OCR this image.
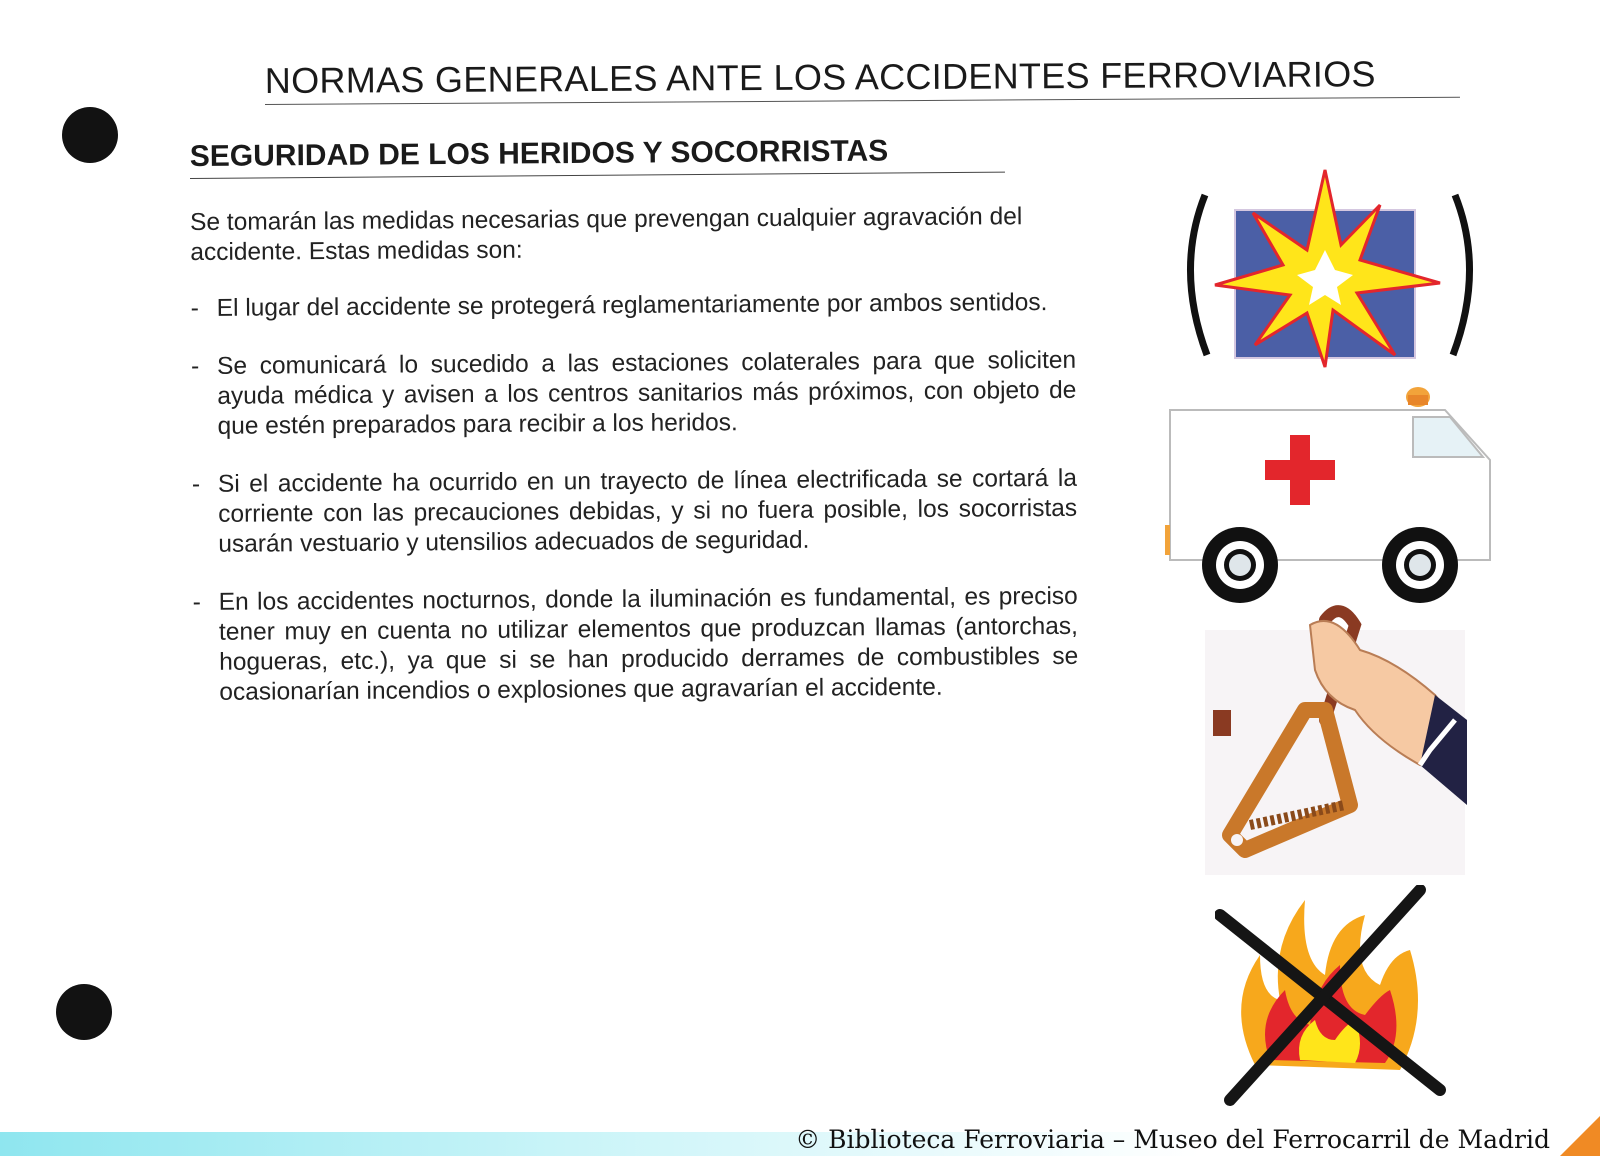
NORMAS GENERALES ANTE LOS ACCIDENTES FERROVIARIOS
SEGURIDAD DE LOS HERIDOS Y SOCORRISTAS

Se tomarán las medidas necesarias que prevengan cualquier agravación del accidente. Estas medidas son:

- El lugar del accidente se protegerá reglamentariamente por ambos sentidos.
- Se comunicará lo sucedido a las estaciones colaterales para que soliciten ayuda médica y avisen a los centros sanitarios más próximos, con objeto de que estén preparados para recibir a los heridos.
- Si el accidente ha ocurrido en un trayecto de línea electrificada se cortará la corriente con las precauciones debidas, y si no fuera posible, los socorristas usarán vestuario y utensilios adecuados de seguridad.
- En los accidentes nocturnos, donde la iluminación es fundamental, es preciso tener muy en cuenta no utilizar elementos que produzcan llamas (antorchas, hogueras, etc.), ya que si se han producido derrames de combustibles se ocasionarían incendios o explosiones que agravarían el accidente.
© Biblioteca Ferroviaria – Museo del Ferrocarril de Madrid
